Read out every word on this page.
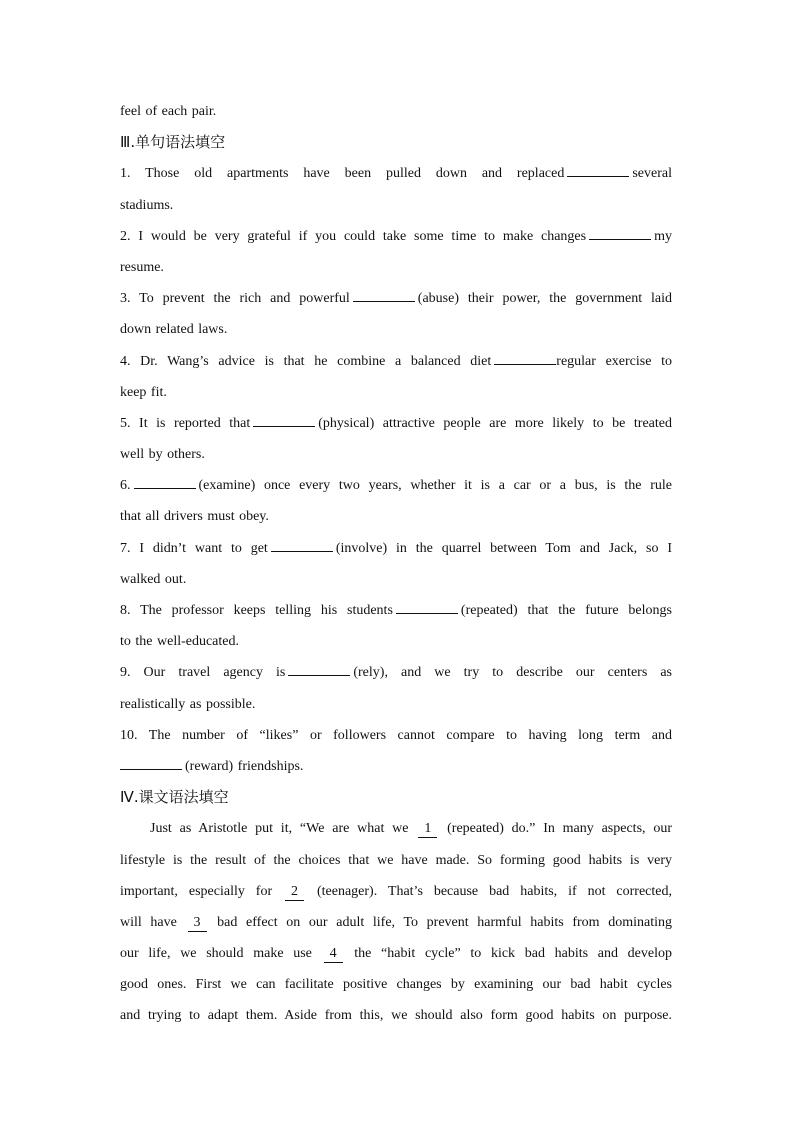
feel of each pair.
Ⅲ.单句语法填空
1. Those old apartments have been pulled down and replaced	several
stadiums.
2. I would be very grateful if you could take some time to make changes	my
resume.
3. To prevent the rich and powerful	(abuse) their power, the government laid
down related laws.
4. Dr. Wang’s advice is that he combine a balanced diet	regular exercise to
keep fit.
5. It is reported that	(physical) attractive people are more likely to be treated
well by others.
6.	(examine) once every two years, whether it is a car or a bus, is the rule
that all drivers must obey.
7. I didn’t want to get	(involve) in the quarrel between Tom and Jack, so I
walked out.
8. The professor keeps telling his students	(repeated) that the future belongs
to the well-educated.
9. Our travel agency is	(rely), and we try to describe our centers as
realistically as possible.
10. The number of “likes” or followers cannot compare to having long term and
(reward) friendships.
Ⅳ.课文语法填空
Just as Aristotle put it, “We are what we 1 (repeated) do.” In many aspects, our
lifestyle is the result of the choices that we have made. So forming good habits is very
important, especially for 2 (teenager). That’s because bad habits, if not corrected,
will have 3 bad effect on our adult life, To prevent harmful habits from dominating
our life, we should make use 4 the “habit cycle” to kick bad habits and develop
good ones. First we can facilitate positive changes by examining our bad habit cycles
and trying to adapt them. Aside from this, we should also form good habits on purpose.
